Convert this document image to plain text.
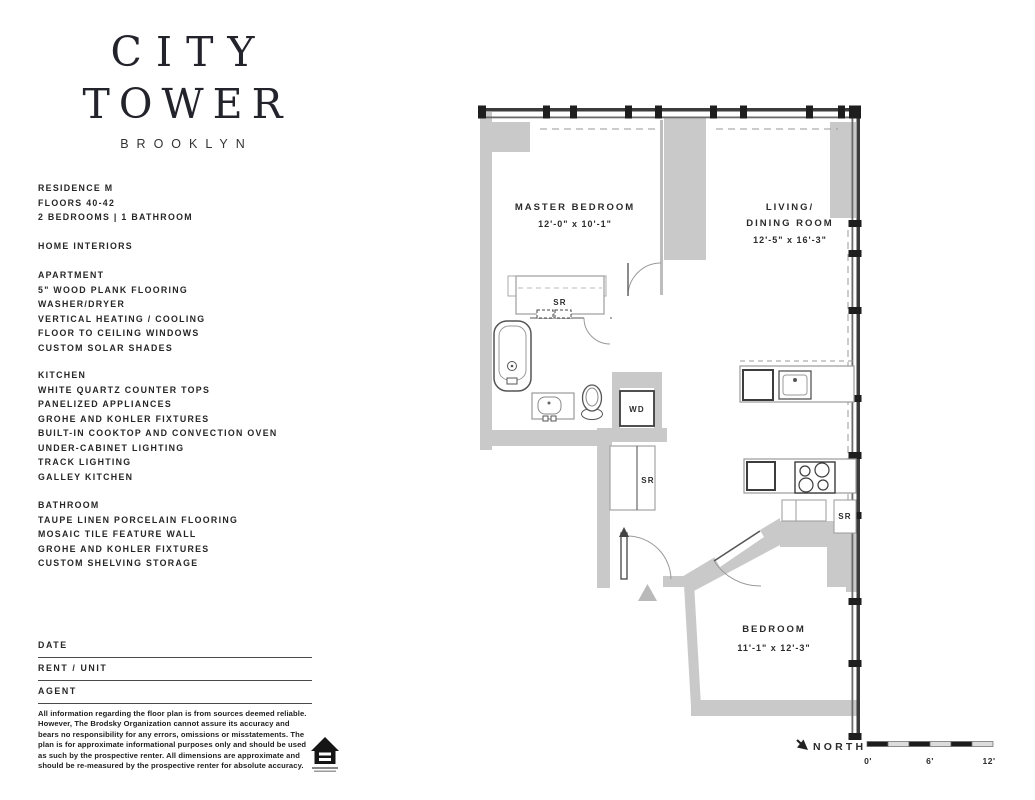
CITY
TOWER
BROOKLYN
RESIDENCE M
FLOORS 40-42
2 BEDROOMS | 1 BATHROOM
HOME INTERIORS
APARTMENT
5" WOOD PLANK FLOORING
WASHER/DRYER
VERTICAL HEATING / COOLING
FLOOR TO CEILING WINDOWS
CUSTOM SOLAR SHADES
KITCHEN
WHITE QUARTZ COUNTER TOPS
PANELIZED APPLIANCES
GROHE AND KOHLER FIXTURES
BUILT-IN COOKTOP AND CONVECTION OVEN
UNDER-CABINET LIGHTING
TRACK LIGHTING
GALLEY KITCHEN
BATHROOM
TAUPE LINEN PORCELAIN FLOORING
MOSAIC TILE FEATURE WALL
GROHE AND KOHLER FIXTURES
CUSTOM SHELVING STORAGE
DATE
RENT / UNIT
AGENT

All information regarding the floor plan is from sources deemed reliable. However, The Brodsky Organization cannot assure its accuracy and bears no responsibility for any errors, omissions or misstatements. The plan is for approximate informational purposes only and should be used as such by the prospective renter. All dimensions are approximate and should be re-measured by the prospective renter for absolute accuracy.

SR
WD
SR
SR
MASTER BEDROOM
12'-0" x 10'-1"
LIVING/
DINING ROOM
12'-5" x 16'-3"
BEDROOM
11'-1" x 12'-3"
NORTH
0'	6'	12'
